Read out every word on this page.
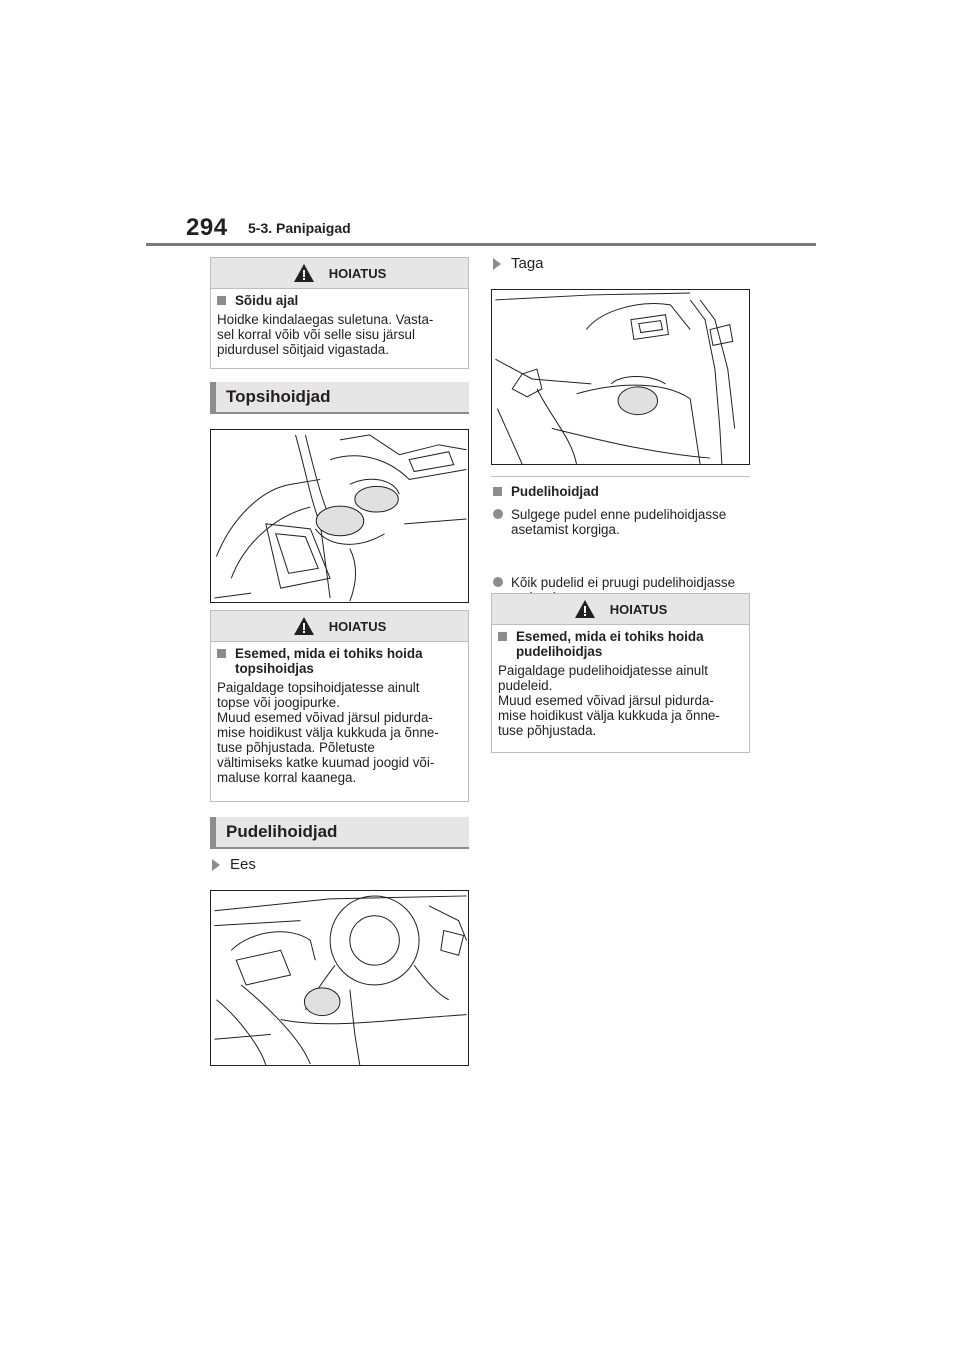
294 5-3. Panipaigad
HOIATUS
Sõidu ajal
Hoidke kindalaegas suletuna. Vasta-
sel korral võib või selle sisu järsul
pidurdusel sõitjaid vigastada.
Topsihoidjad
HOIATUS
Esemed, mida ei tohiks hoida
topsihoidjas
Paigaldage topsihoidjatesse ainult
topse või joogipurke.
Muud esemed võivad järsul pidurda-
mise hoidikust välja kukkuda ja õnne-
tuse põhjustada. Põletuste
vältimiseks katke kuumad joogid või-
maluse korral kaanega.
Pudelihoidjad
Ees
Taga
Pudelihoidjad
Sulgege pudel enne pudelihoidjasse
asetamist korgiga.
Kõik pudelid ei pruugi pudelihoidjasse

HOIATUS
Esemed, mida ei tohiks hoida
pudelihoidjas
Paigaldage pudelihoidjatesse ainult
pudeleid.
Muud esemed võivad järsul pidurda-
mise hoidikust välja kukkuda ja õnne-
tuse põhjustada.
